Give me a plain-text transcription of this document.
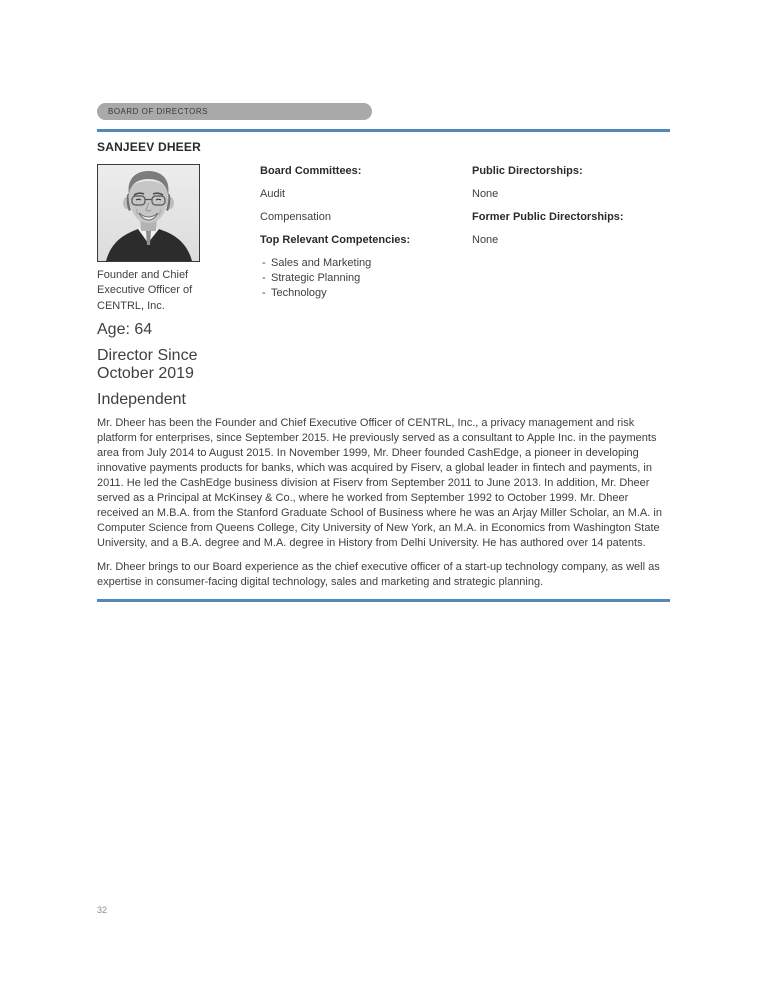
BOARD OF DIRECTORS
SANJEEV DHEER
Founder and Chief Executive Officer of CENTRL, Inc.
Age: 64
Director Since October 2019
Independent
Board Committees:
Audit
Compensation
Top Relevant Competencies:
- Sales and Marketing
- Strategic Planning
- Technology
Public Directorships:
None
Former Public Directorships:
None

Mr. Dheer has been the Founder and Chief Executive Officer of CENTRL, Inc., a privacy management and risk platform for enterprises, since September 2015. He previously served as a consultant to Apple Inc. in the payments area from July 2014 to August 2015. In November 1999, Mr. Dheer founded CashEdge, a pioneer in developing innovative payments products for banks, which was acquired by Fiserv, a global leader in fintech and payments, in 2011. He led the CashEdge business division at Fiserv from September 2011 to June 2013. In addition, Mr. Dheer served as a Principal at McKinsey & Co., where he worked from September 1992 to October 1999. Mr. Dheer received an M.B.A. from the Stanford Graduate School of Business where he was an Arjay Miller Scholar, an M.A. in Computer Science from Queens College, City University of New York, an M.A. in Economics from Washington State University, and a B.A. degree and M.A. degree in History from Delhi University. He has authored over 14 patents.

Mr. Dheer brings to our Board experience as the chief executive officer of a start-up technology company, as well as expertise in consumer-facing digital technology, sales and marketing and strategic planning.

32
